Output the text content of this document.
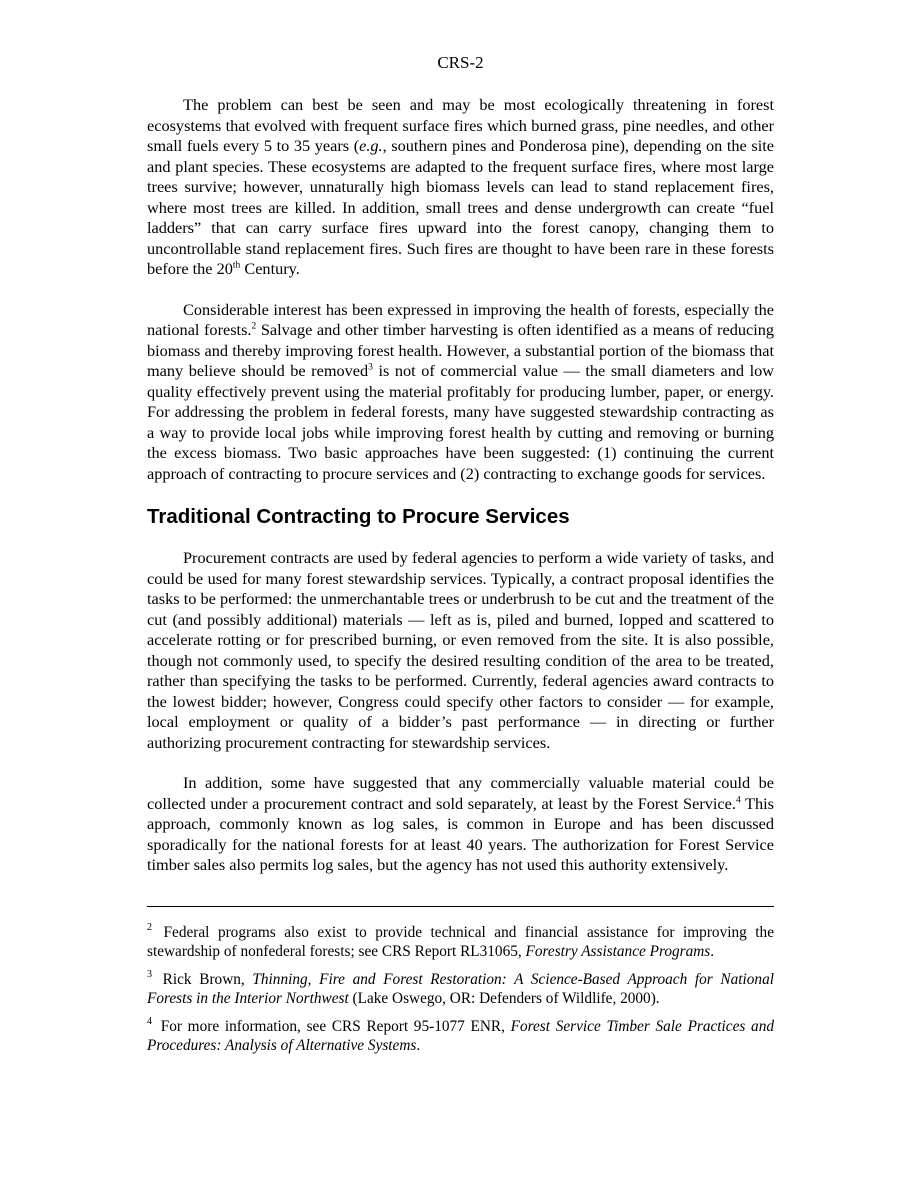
CRS-2

The problem can best be seen and may be most ecologically threatening in forest ecosystems that evolved with frequent surface fires which burned grass, pine needles, and other small fuels every 5 to 35 years (e.g., southern pines and Ponderosa pine), depending on the site and plant species. These ecosystems are adapted to the frequent surface fires, where most large trees survive; however, unnaturally high biomass levels can lead to stand replacement fires, where most trees are killed. In addition, small trees and dense undergrowth can create “fuel ladders” that can carry surface fires upward into the forest canopy, changing them to uncontrollable stand replacement fires. Such fires are thought to have been rare in these forests before the 20th Century.

Considerable interest has been expressed in improving the health of forests, especially the national forests.$^2$ Salvage and other timber harvesting is often identified as a means of reducing biomass and thereby improving forest health. However, a substantial portion of the biomass that many believe should be removed$^3$ is not of commercial value — the small diameters and low quality effectively prevent using the material profitably for producing lumber, paper, or energy. For addressing the problem in federal forests, many have suggested stewardship contracting as a way to provide local jobs while improving forest health by cutting and removing or burning the excess biomass. Two basic approaches have been suggested: (1) continuing the current approach of contracting to procure services and (2) contracting to exchange goods for services.

Traditional Contracting to Procure Services

Procurement contracts are used by federal agencies to perform a wide variety of tasks, and could be used for many forest stewardship services. Typically, a contract proposal identifies the tasks to be performed: the unmerchantable trees or underbrush to be cut and the treatment of the cut (and possibly additional) materials — left as is, piled and burned, lopped and scattered to accelerate rotting or for prescribed burning, or even removed from the site. It is also possible, though not commonly used, to specify the desired resulting condition of the area to be treated, rather than specifying the tasks to be performed. Currently, federal agencies award contracts to the lowest bidder; however, Congress could specify other factors to consider — for example, local employment or quality of a bidder’s past performance — in directing or further authorizing procurement contracting for stewardship services.

In addition, some have suggested that any commercially valuable material could be collected under a procurement contract and sold separately, at least by the Forest Service.$^4$ This approach, commonly known as log sales, is common in Europe and has been discussed sporadically for the national forests for at least 40 years. The authorization for Forest Service timber sales also permits log sales, but the agency has not used this authority extensively.

$^2$ Federal programs also exist to provide technical and financial assistance for improving the stewardship of nonfederal forests; see CRS Report RL31065, Forestry Assistance Programs.

$^3$ Rick Brown, Thinning, Fire and Forest Restoration: A Science-Based Approach for National Forests in the Interior Northwest (Lake Oswego, OR: Defenders of Wildlife, 2000).

$^4$ For more information, see CRS Report 95-1077 ENR, Forest Service Timber Sale Practices and Procedures: Analysis of Alternative Systems.
